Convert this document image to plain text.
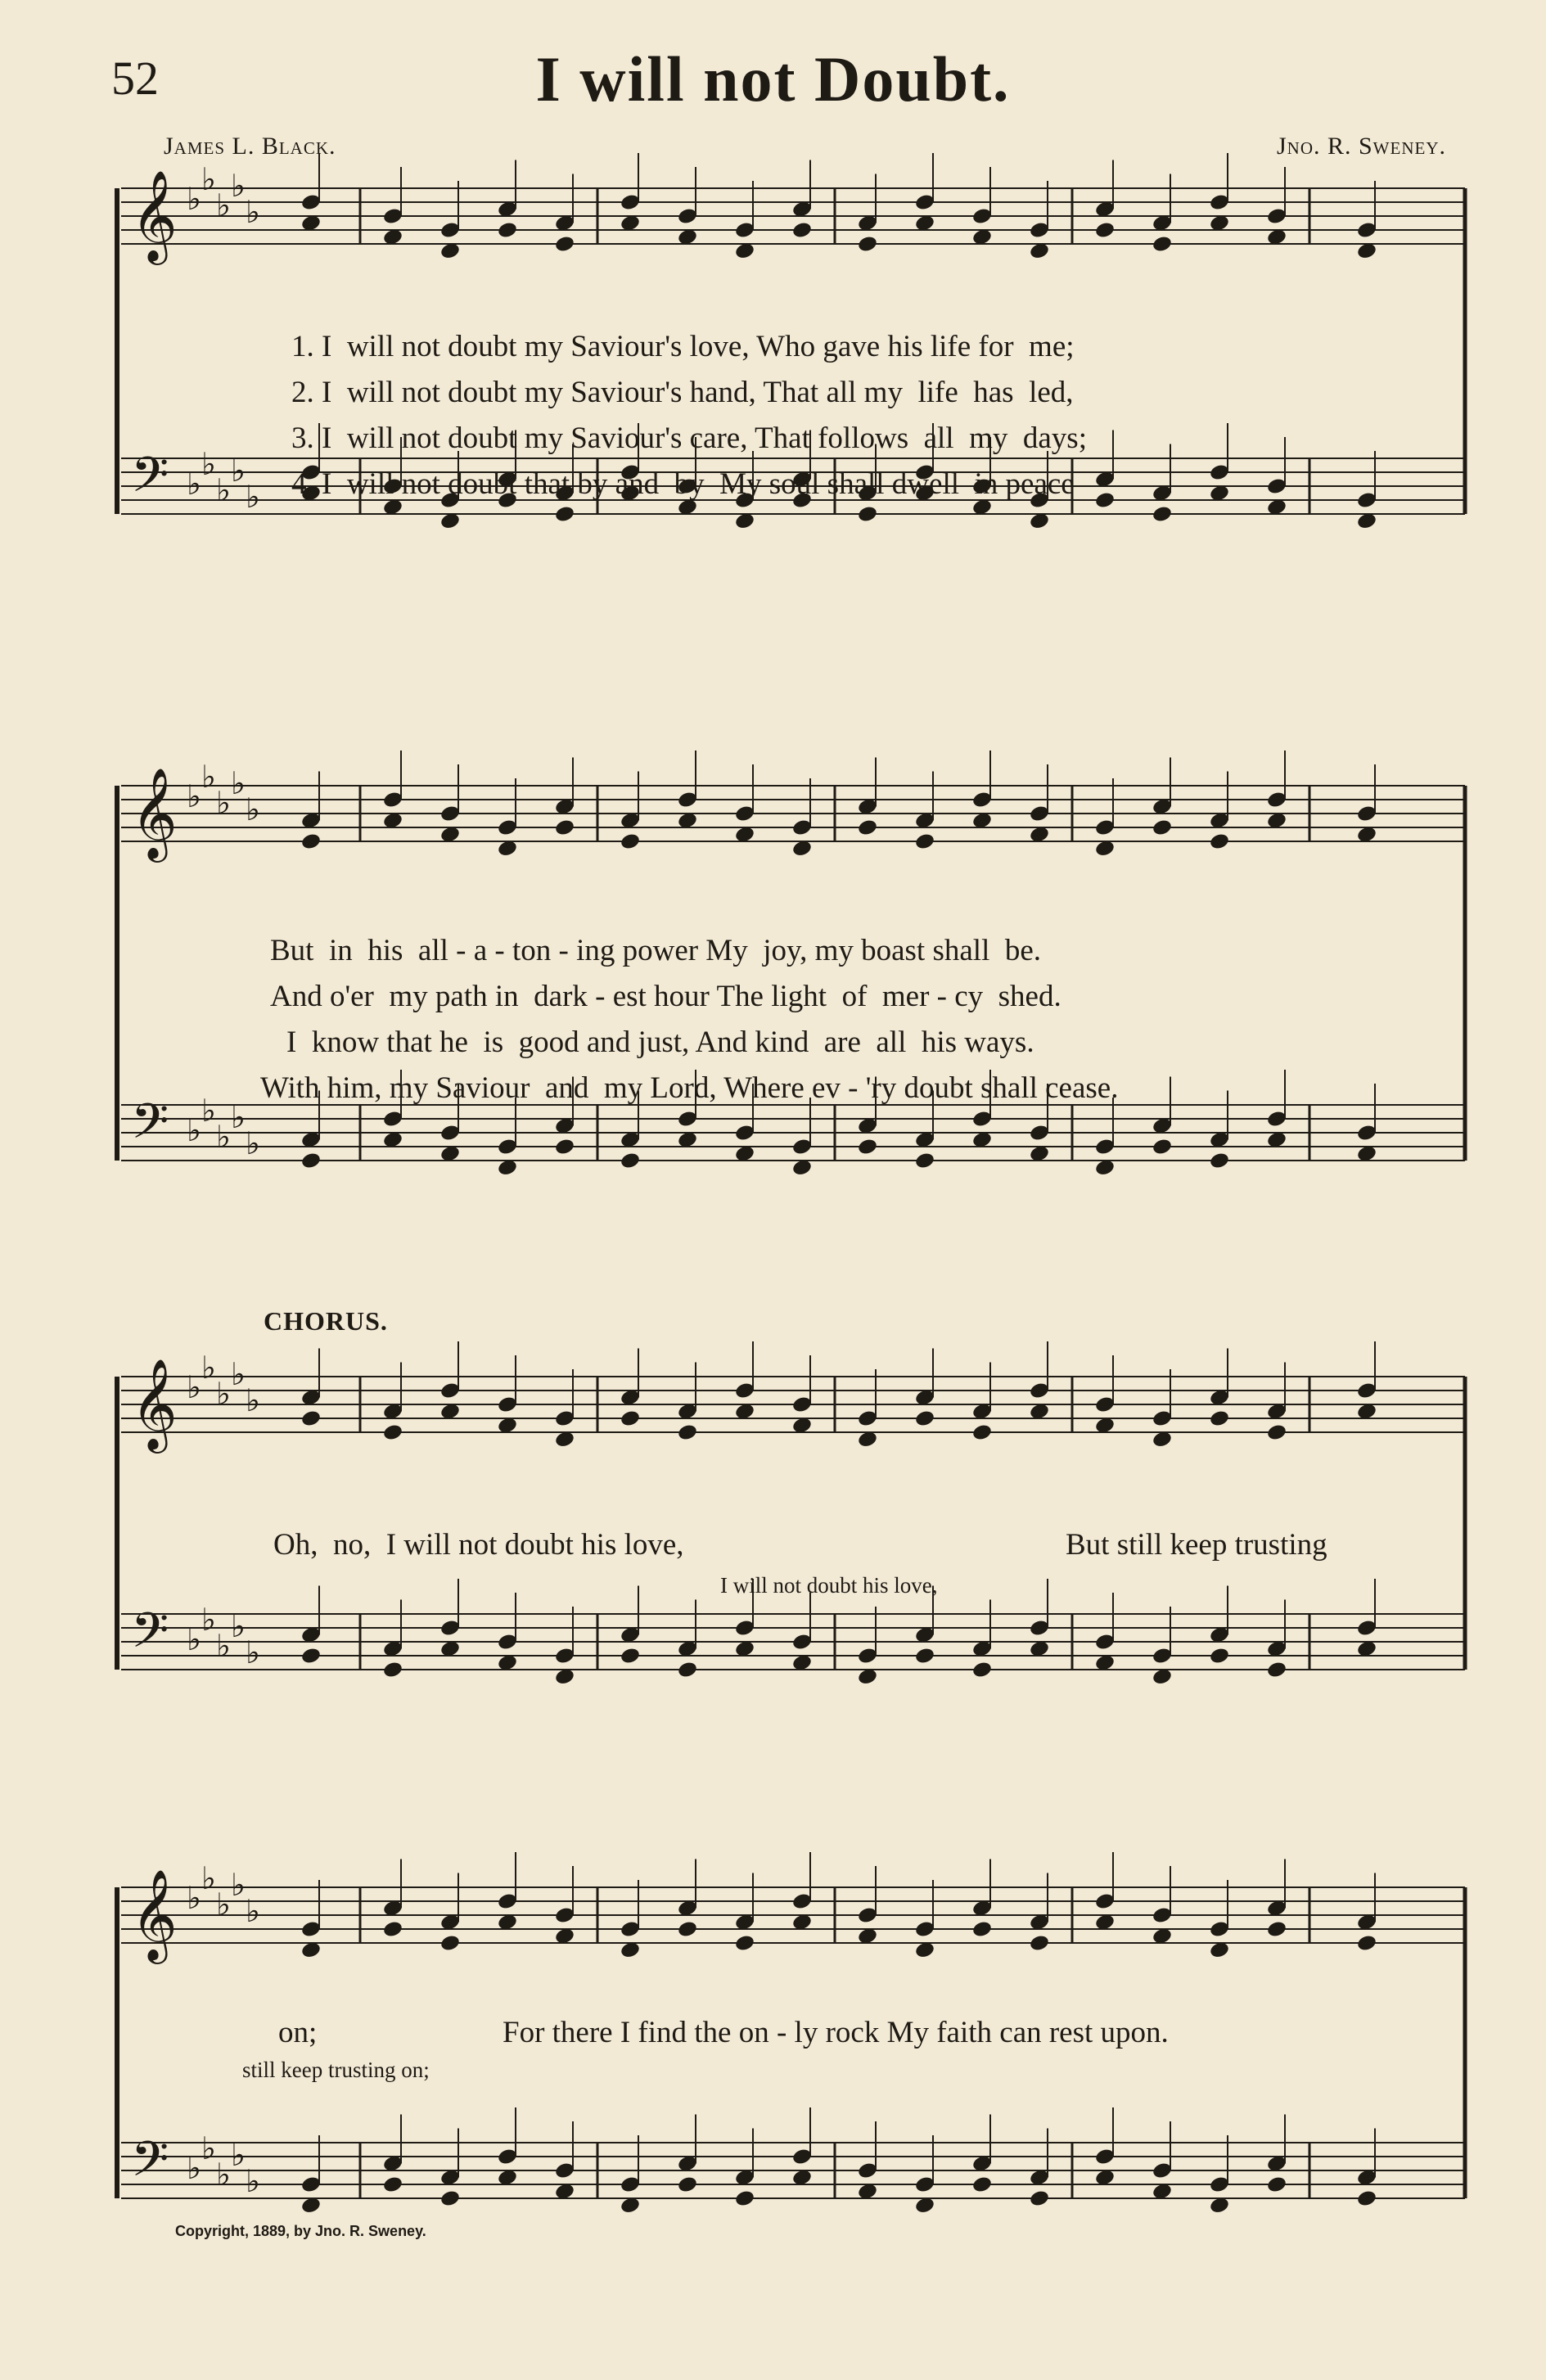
52	I will not Doubt.
James L. Black.	Jno. R. Sweney.
𝄞 ♭
♭
♭
♭
♭
𝄢 ♭
♭
♭
♭
♭
1. I  will not doubt my Saviour's love, Who gave his life for  me;
2. I  will not doubt my Saviour's hand, That all my  life  has  led,
3. I  will not doubt my Saviour's care, That follows  all  my  days;
4. I  will not doubt that by and  by  My soul shall dwell  in peace
𝄞 ♭
♭
♭
♭
♭
𝄢 ♭
♭
♭
♭
♭
But  in  his  all - a - ton - ing power My  joy, my boast shall  be.
And o'er  my path in  dark - est hour The light  of  mer - cy  shed.
I  know that he  is  good and just, And kind  are  all  his ways.
With him, my Saviour  and  my Lord, Where ev - 'ry doubt shall cease.
CHORUS.
𝄞 ♭
♭
♭
♭
♭
𝄢 ♭
♭
♭
♭
♭
Oh,  no,  I will not doubt his love,	But still keep trusting
I will not doubt his love,
𝄞 ♭
♭
♭
♭
♭
𝄢 ♭
♭
♭
♭
♭
on;	For there I find the on - ly rock My faith can rest upon.
still keep trusting on;
Copyright, 1889, by Jno. R. Sweney.
